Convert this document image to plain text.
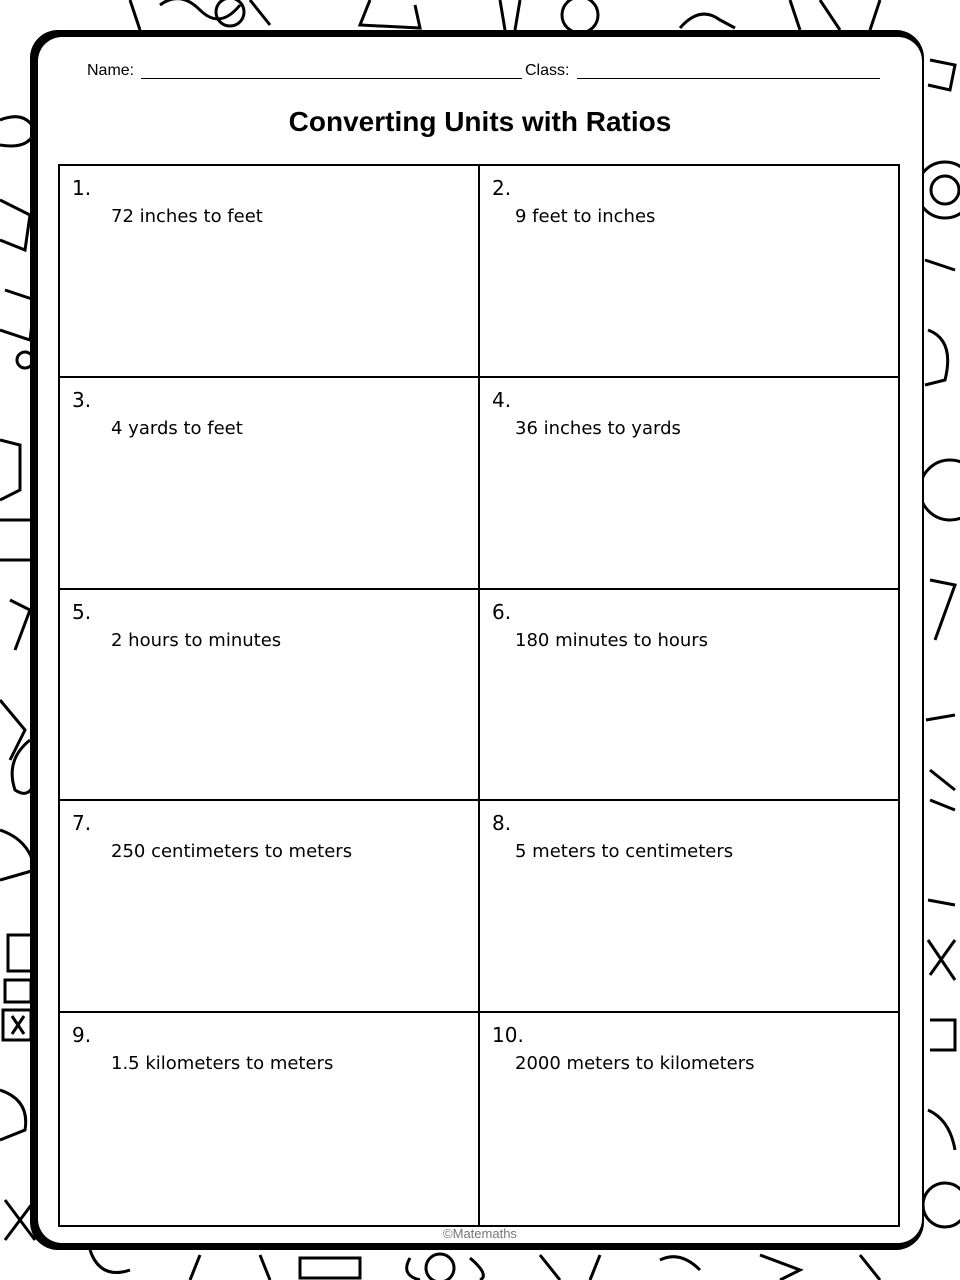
Name:	Class:
Converting Units with Ratios
1.
72 inches to feet
2.
9 feet to inches
3.
4 yards to feet
4.
36 inches to yards
5.
2 hours to minutes
6.
180 minutes to hours
7.
250 centimeters to meters
8.
5 meters to centimeters
9.
1.5 kilometers to meters
10.
2000 meters to kilometers
©Matemaths
